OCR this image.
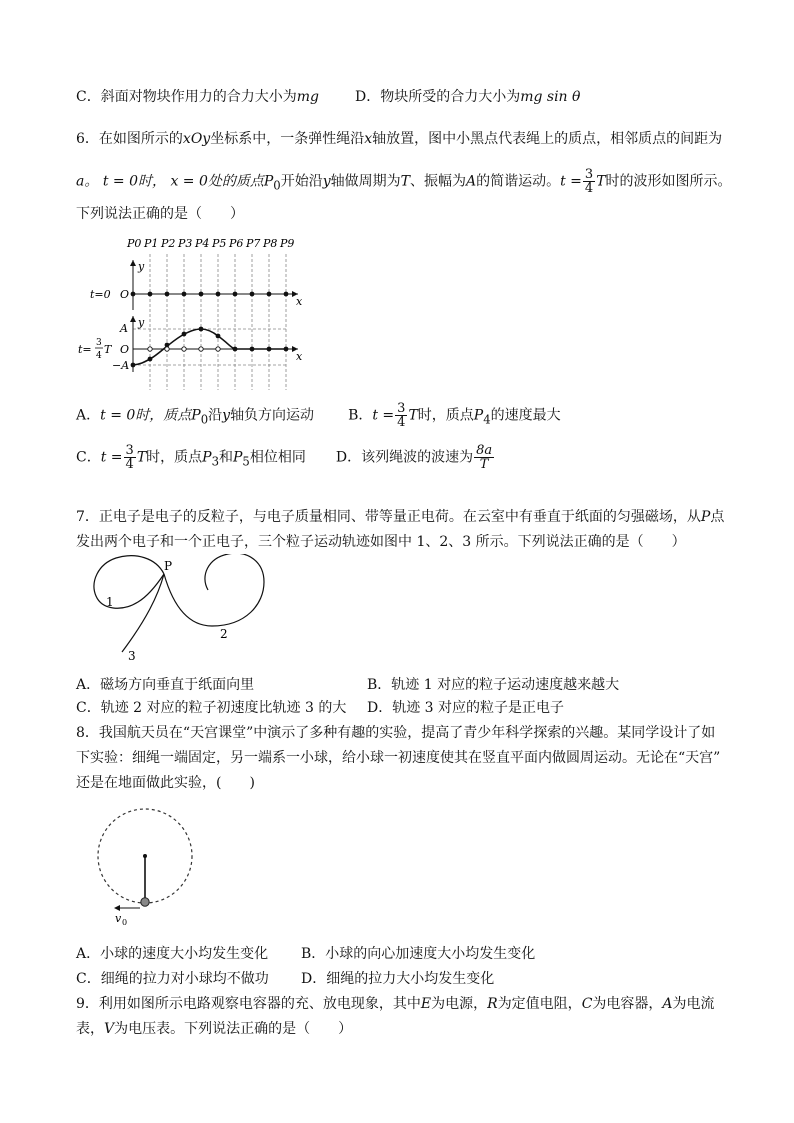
C．斜面对物块作用力的合力大小为mg	D．物块所受的合力大小为mg sin θ
6．在如图所示的xOy坐标系中，一条弹性绳沿x轴放置，图中小黑点代表绳上的质点，相邻质点的间距为
a。 t = 0时， x = 0处的质点$P_0$开始沿y轴做周期为T、振幅为A的简谐运动。$t = \frac{3}{4}$ T时的波形如图所示。
下列说法正确的是（　　）
P0 P1 P2 P3 P4 P5 P6 P7 P8 P9
y
x
t=0 O
y
x
A
O
−A
t= 3
4 T
A．t = 0时，质点$P_0$沿y轴负方向运动 B．$t = \frac{3}{4}$ T时，质点$P_4$的速度最大
C．$t = \frac{3}{4}$ T时，质点$P_3$和$P_5$相位相同 D．该列绳波的波速为 $\frac{8a}{T}$
7．正电子是电子的反粒子，与电子质量相同、带等量正电荷。在云室中有垂直于纸面的匀强磁场，从P点
发出两个电子和一个正电子，三个粒子运动轨迹如图中 1、2、3 所示。下列说法正确的是（　　）
P
1
2
3
A．磁场方向垂直于纸面向里	B．轨迹 1 对应的粒子运动速度越来越大
C．轨迹 2 对应的粒子初速度比轨迹 3 的大 D．轨迹 3 对应的粒子是正电子
8．我国航天员在“天宫课堂”中演示了多种有趣的实验，提高了青少年科学探索的兴趣。某同学设计了如
下实验：细绳一端固定，另一端系一小球，给小球一初速度使其在竖直平面内做圆周运动。无论在“天宫”
还是在地面做此实验，(　　)
v 0
A．小球的速度大小均发生变化 B．小球的向心加速度大小均发生变化
C．细绳的拉力对小球均不做功 D．细绳的拉力大小均发生变化
9．利用如图所示电路观察电容器的充、放电现象，其中E为电源，R为定值电阻，C为电容器，A为电流
表，V为电压表。下列说法正确的是（　　）
